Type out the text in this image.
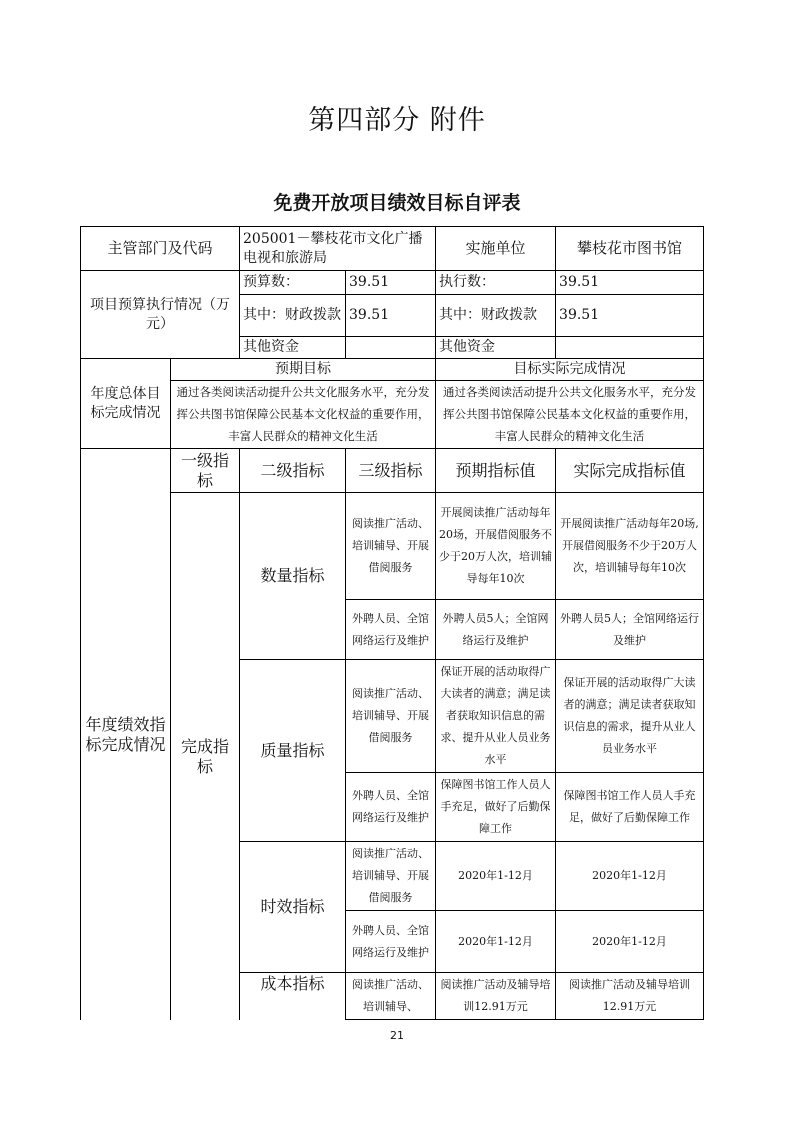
第四部分 附件
免费开放项目绩效目标自评表
主管部门及代码		205001－攀枝花市文化广播电视和旅游局		实施单位	攀枝花市图书馆
项目预算执行情况（万元）		预算数：	39.51	执行数：	39.51
		其中：财政拨款	39.51	其中：财政拨款	39.51
		其他资金		其他资金	
年度总体目标完成情况	预期目标			目标实际完成情况	
	通过各类阅读活动提升公共文化服务水平，充分发挥公共图书馆保障公民基本文化权益的重要作用，丰富人民群众的精神文化生活			通过各类阅读活动提升公共文化服务水平，充分发挥公共图书馆保障公民基本文化权益的重要作用，丰富人民群众的精神文化生活	
年度绩效指标完成情况	一级指标	二级指标	三级指标	预期指标值	实际完成指标值
	完成指标	数量指标	阅读推广活动、培训辅导、开展借阅服务	开展阅读推广活动每年20场，开展借阅服务不少于20万人次，培训辅导每年10次	开展阅读推广活动每年20场,开展借阅服务不少于20万人次，培训辅导每年10次
			外聘人员、全馆网络运行及维护	外聘人员5人；全馆网络运行及维护	外聘人员5人；全馆网络运行及维护
		质量指标	阅读推广活动、培训辅导、开展借阅服务	保证开展的活动取得广大读者的满意；满足读者获取知识信息的需求、提升从业人员业务水平	保证开展的活动取得广大读者的满意；满足读者获取知识信息的需求，提升从业人员业务水平
			外聘人员、全馆网络运行及维护	保障图书馆工作人员人手充足，做好了后勤保障工作	保障图书馆工作人员人手充足，做好了后勤保障工作
		时效指标	阅读推广活动、培训辅导、开展借阅服务	2020年1-12月	2020年1-12月
			外聘人员、全馆网络运行及维护	2020年1-12月	2020年1-12月
		成本指标	阅读推广活动、培训辅导、	阅读推广活动及辅导培训12.91万元	阅读推广活动及辅导培训12.91万元
21
